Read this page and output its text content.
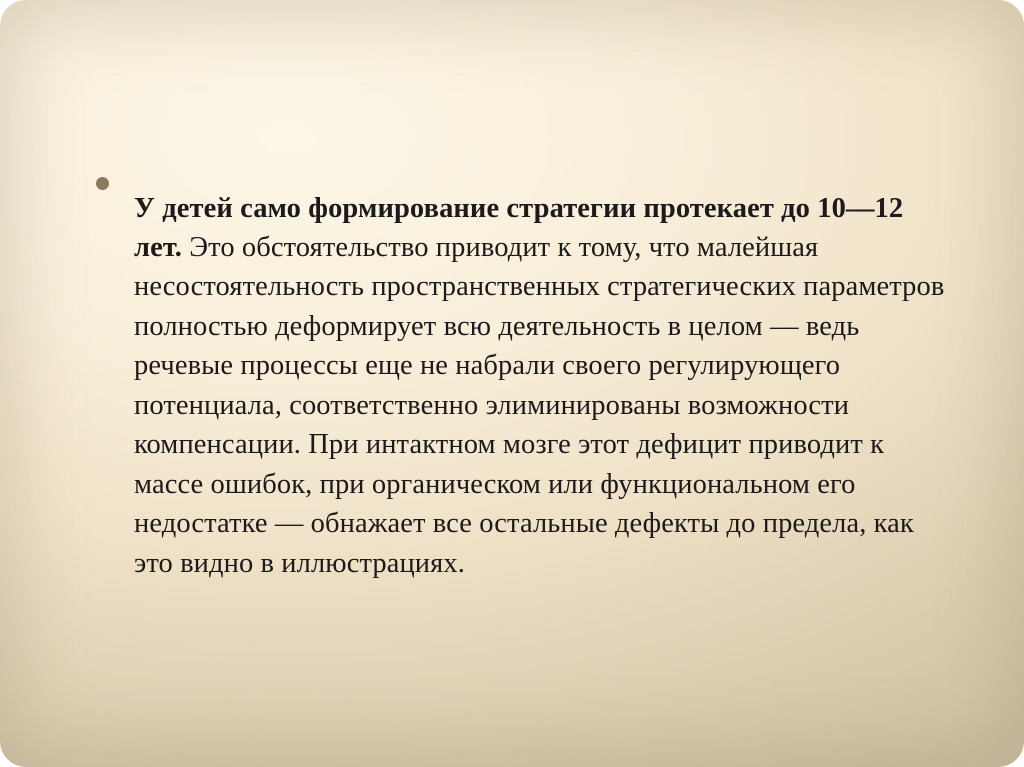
У детей само формирование стратегии протекает до 10—12 лет. Это обстоятельство приводит к тому, что малейшая несостоятельность пространственных стратегических параметров полностью деформирует всю деятельность в целом — ведь речевые процессы еще не набрали своего регулирующего потенциала, соответственно элиминированы возможности компенсации. При интактном мозге этот дефицит приводит к массе ошибок, при органическом или функциональном его недостатке — обнажает все остальные дефекты до предела, как это видно в иллюстрациях.
